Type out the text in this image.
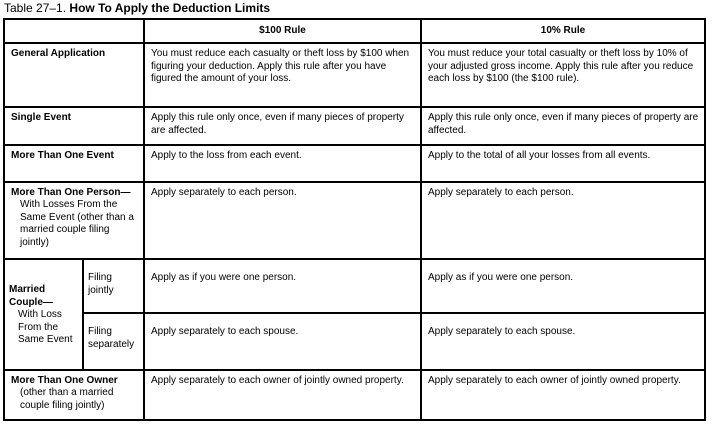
Table 27–1. How To Apply the Deduction Limits
		$100 Rule	10% Rule

General Application		You must reduce each casualty or theft loss by $100 when figuring your deduction. Apply this rule after you have figured the amount of your loss.	You must reduce your total casualty or theft loss by 10% of your adjusted gross income. Apply this rule after you reduce each loss by $100 (the $100 rule).

Single Event		Apply this rule only once, even if many pieces of property are affected.	Apply this rule only once, even if many pieces of property are affected.

More Than One Event		Apply to the loss from each event.	Apply to the total of all your losses from all events.

More Than One Person—
With Losses From the Same Event (other than a married couple filing jointly)		Apply separately to each person.	Apply separately to each person.

Married Couple—
With Loss From the Same Event	Filing jointly	Apply as if you were one person.	Apply as if you were one person.
	Filing separately	Apply separately to each spouse.	Apply separately to each spouse.

More Than One Owner
(other than a married couple filing jointly)		Apply separately to each owner of jointly owned property.	Apply separately to each owner of jointly owned property.
